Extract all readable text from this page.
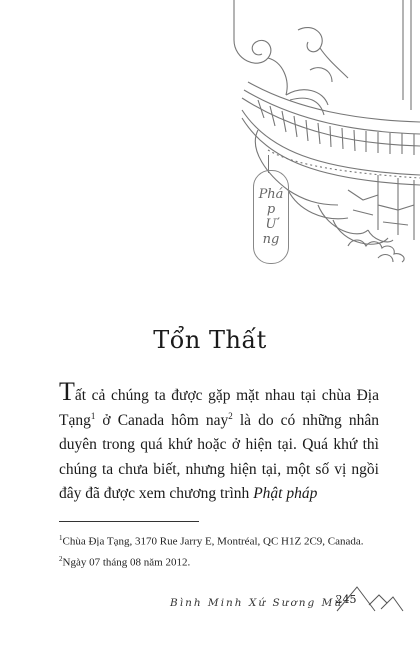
Phá
p
Ư
ng
Tổn Thất

Tất cả chúng ta được gặp mặt nhau tại chùa Địa Tạng$^1$ ở Canada hôm nay$^2$ là do có những nhân duyên trong quá khứ hoặc ở hiện tại. Quá khứ thì chúng ta chưa biết, nhưng hiện tại, một số vị ngồi đây đã được xem chương trình Phật pháp

$^1$Chùa Địa Tạng, 3170 Rue Jarry E, Montréal, QC H1Z 2C9, Canada.

$^2$Ngày 07 tháng 08 năm 2012.

Bình Minh Xứ Sương Mù
245
